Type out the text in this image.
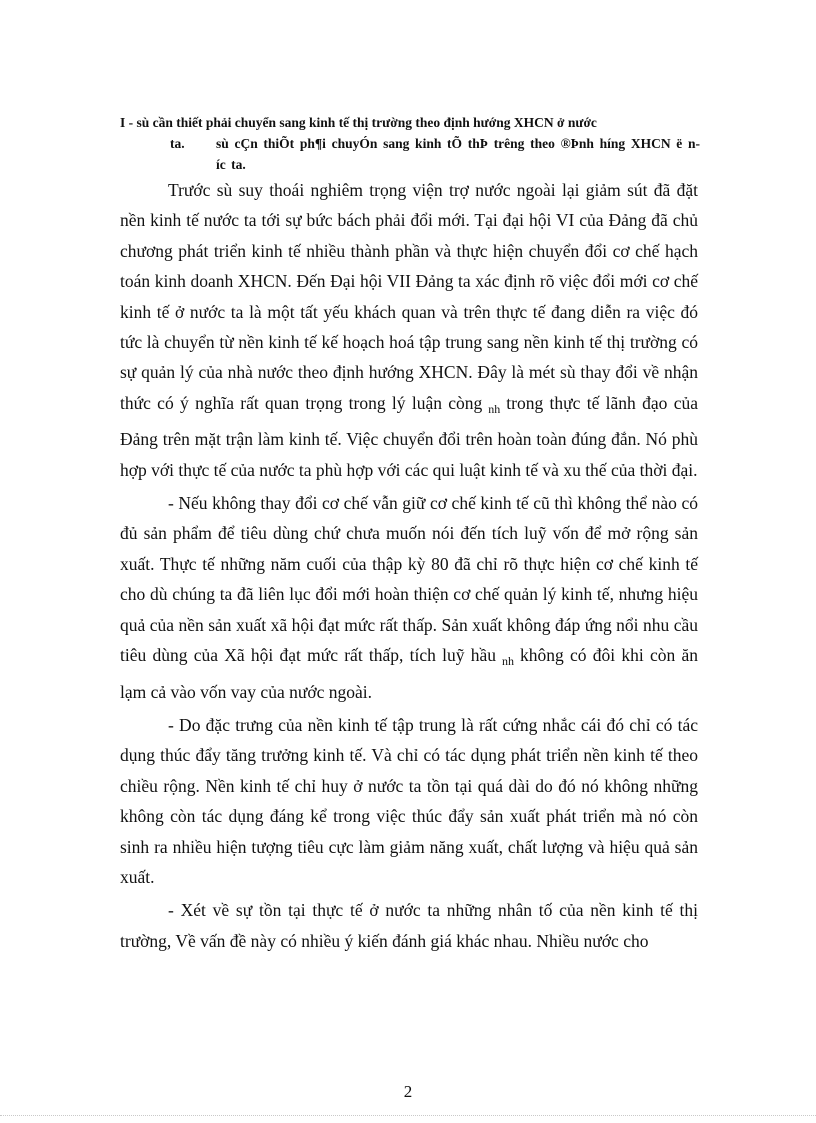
I - sù cần thiết phải chuyển sang kinh tế thị trường theo định hướng XHCN ở nước
ta.	sù cÇn thiÕt ph¶i chuyÓn sang kinh tÕ thÞ trêng theo ®Þnh híng XHCN ë níc ta.

Trước sù suy thoái nghiêm trọng viện trợ nước ngoài lại giảm sút đã đặt nền kinh tế nước ta tới sự bức bách phải đổi mới. Tại đại hội VI của Đảng đã chủ chương phát triển kinh tế nhiều thành phần và thực hiện chuyển đổi cơ chế hạch toán kinh doanh XHCN. Đến Đại hội VII Đảng ta xác định rõ việc đổi mới cơ chế kinh tế ở nước ta là một tất yếu khách quan và trên thực tế đang diễn ra việc đó tức là chuyển từ nền kinh tế kế hoạch hoá tập trung sang nền kinh tế thị trường có sự quản lý của nhà nước theo định hướng XHCN. Đây là mét sù thay đổi về nhận thức có ý nghĩa rất quan trọng trong lý luận còng $_{nh}$ trong thực tế lãnh đạo của Đảng trên mặt trận làm kinh tế. Việc chuyển đổi trên hoàn toàn đúng đắn. Nó phù hợp với thực tế của nước ta phù hợp với các qui luật kinh tế và xu thế của thời đại.

- Nếu không thay đổi cơ chế vẫn giữ cơ chế kinh tế cũ thì không thể nào có đủ sản phẩm để tiêu dùng chứ chưa muốn nói đến tích luỹ vốn để mở rộng sản xuất. Thực tế những năm cuối của thập kỳ 80 đã chỉ rõ thực hiện cơ chế kinh tế cho dù chúng ta đã liên lục đổi mới hoàn thiện cơ chế quản lý kinh tế, nhưng hiệu quả của nền sản xuất xã hội đạt mức rất thấp. Sản xuất không đáp ứng nổi nhu cầu tiêu dùng của Xã hội đạt mức rất thấp, tích luỹ hầu $_{nh}$ không có đôi khi còn ăn lạm cả vào vốn vay của nước ngoài.

- Do đặc trưng của nền kinh tế tập trung là rất cứng nhắc cái đó chỉ có tác dụng thúc đẩy tăng trưởng kinh tế. Và chỉ có tác dụng phát triển nền kinh tế theo chiều rộng. Nền kinh tế chỉ huy ở nước ta tồn tại quá dài do đó nó không những không còn tác dụng đáng kể trong việc thúc đẩy sản xuất phát triển mà nó còn sinh ra nhiều hiện tượng tiêu cực làm giảm năng xuất, chất lượng và hiệu quả sản xuất.

- Xét về sự tồn tại thực tế ở nước ta những nhân tố của nền kinh tế thị trường, Về vấn đề này có nhiều ý kiến đánh giá khác nhau. Nhiều nước cho

2
